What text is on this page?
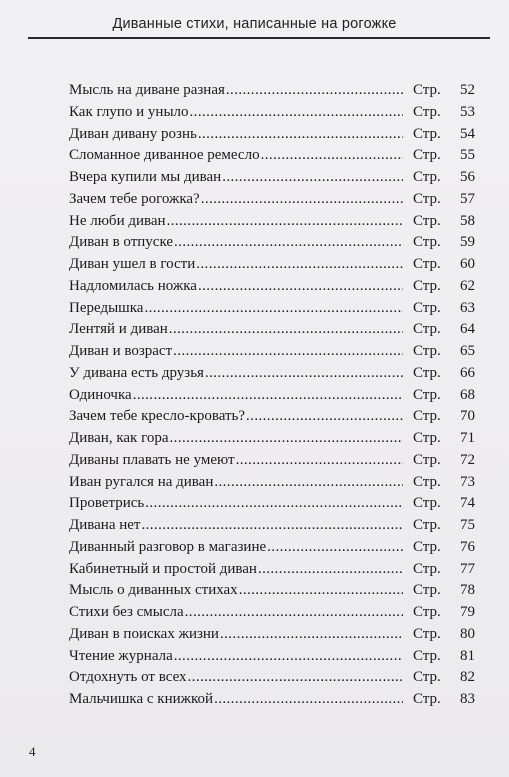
Диванные стихи, написанные на рогожке
Мысль на диване разная .....	Стр.	52
Как глупо и уныло .....	Стр.	53
Диван дивану рознь .....	Стр.	54
Сломанное диванное ремесло .....	Стр.	55
Вчера купили мы диван .....	Стр.	56
Зачем тебе рогожка? .....	Стр.	57
Не люби диван .....	Стр.	58
Диван в отпуске .....	Стр.	59
Диван ушел в гости .....	Стр.	60
Надломилась ножка .....	Стр.	62
Передышка .....	Стр.	63
Лентяй и диван .....	Стр.	64
Диван и возраст .....	Стр.	65
У дивана есть друзья .....	Стр.	66
Одиночка .....	Стр.	68
Зачем тебе кресло-кровать? .....	Стр.	70
Диван, как гора .....	Стр.	71
Диваны плавать не умеют .....	Стр.	72
Иван ругался на диван .....	Стр.	73
Проветрись .....	Стр.	74
Дивана нет .....	Стр.	75
Диванный разговор в магазине .....	Стр.	76
Кабинетный и простой диван .....	Стр.	77
Мысль о диванных стихах .....	Стр.	78
Стихи без смысла .....	Стр.	79
Диван в поисках жизни .....	Стр.	80
Чтение журнала .....	Стр.	81
Отдохнуть от всех .....	Стр.	82
Мальчишка с книжкой .....	Стр.	83
4
